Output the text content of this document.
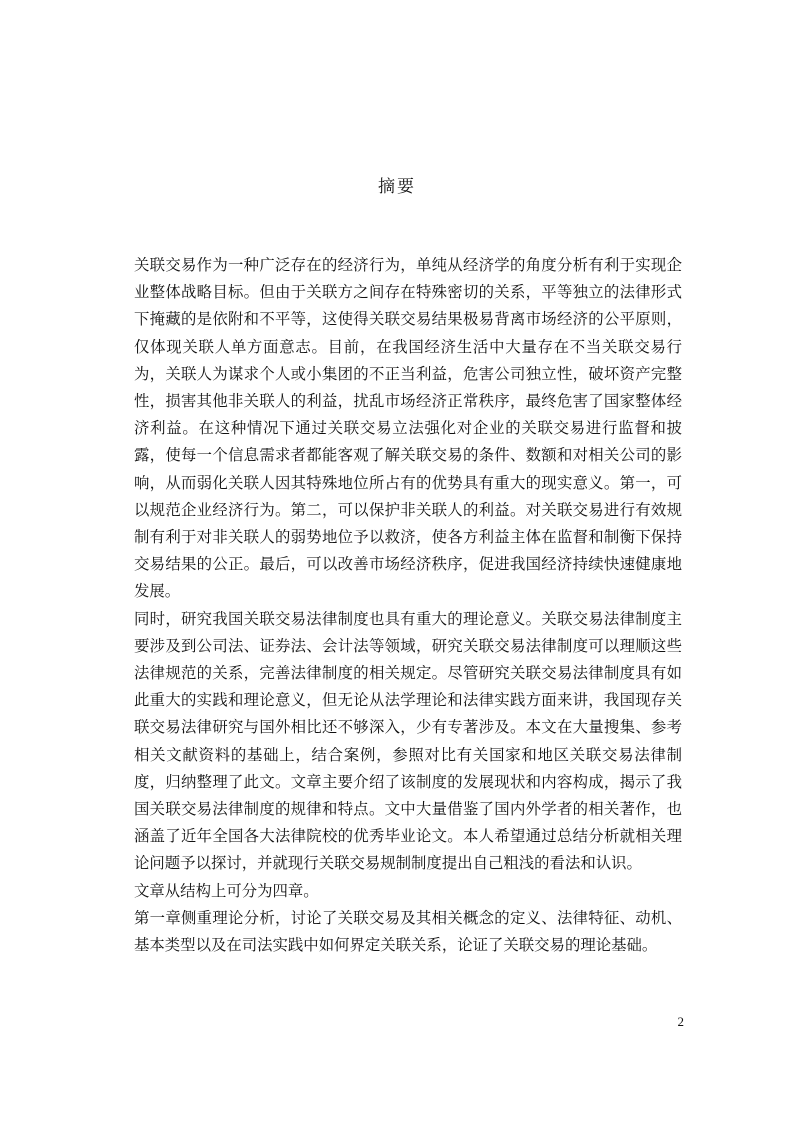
摘要

关联交易作为一种广泛存在的经济行为，单纯从经济学的角度分析有利于实现企业整体战略目标。但由于关联方之间存在特殊密切的关系，平等独立的法律形式下掩藏的是依附和不平等，这使得关联交易结果极易背离市场经济的公平原则，仅体现关联人单方面意志。目前，在我国经济生活中大量存在不当关联交易行为，关联人为谋求个人或小集团的不正当利益，危害公司独立性，破坏资产完整性，损害其他非关联人的利益，扰乱市场经济正常秩序，最终危害了国家整体经济利益。在这种情况下通过关联交易立法强化对企业的关联交易进行监督和披露，使每一个信息需求者都能客观了解关联交易的条件、数额和对相关公司的影响，从而弱化关联人因其特殊地位所占有的优势具有重大的现实意义。第一，可以规范企业经济行为。第二，可以保护非关联人的利益。对关联交易进行有效规制有利于对非关联人的弱势地位予以救济，使各方利益主体在监督和制衡下保持交易结果的公正。最后，可以改善市场经济秩序，促进我国经济持续快速健康地发展。

同时，研究我国关联交易法律制度也具有重大的理论意义。关联交易法律制度主要涉及到公司法、证券法、会计法等领域，研究关联交易法律制度可以理顺这些法律规范的关系，完善法律制度的相关规定。尽管研究关联交易法律制度具有如此重大的实践和理论意义，但无论从法学理论和法律实践方面来讲，我国现存关联交易法律研究与国外相比还不够深入，少有专著涉及。本文在大量搜集、参考相关文献资料的基础上，结合案例，参照对比有关国家和地区关联交易法律制度，归纳整理了此文。文章主要介绍了该制度的发展现状和内容构成，揭示了我国关联交易法律制度的规律和特点。文中大量借鉴了国内外学者的相关著作，也涵盖了近年全国各大法律院校的优秀毕业论文。本人希望通过总结分析就相关理论问题予以探讨，并就现行关联交易规制制度提出自己粗浅的看法和认识。

文章从结构上可分为四章。

第一章侧重理论分析，讨论了关联交易及其相关概念的定义、法律特征、动机、基本类型以及在司法实践中如何界定关联关系，论证了关联交易的理论基础。

2
